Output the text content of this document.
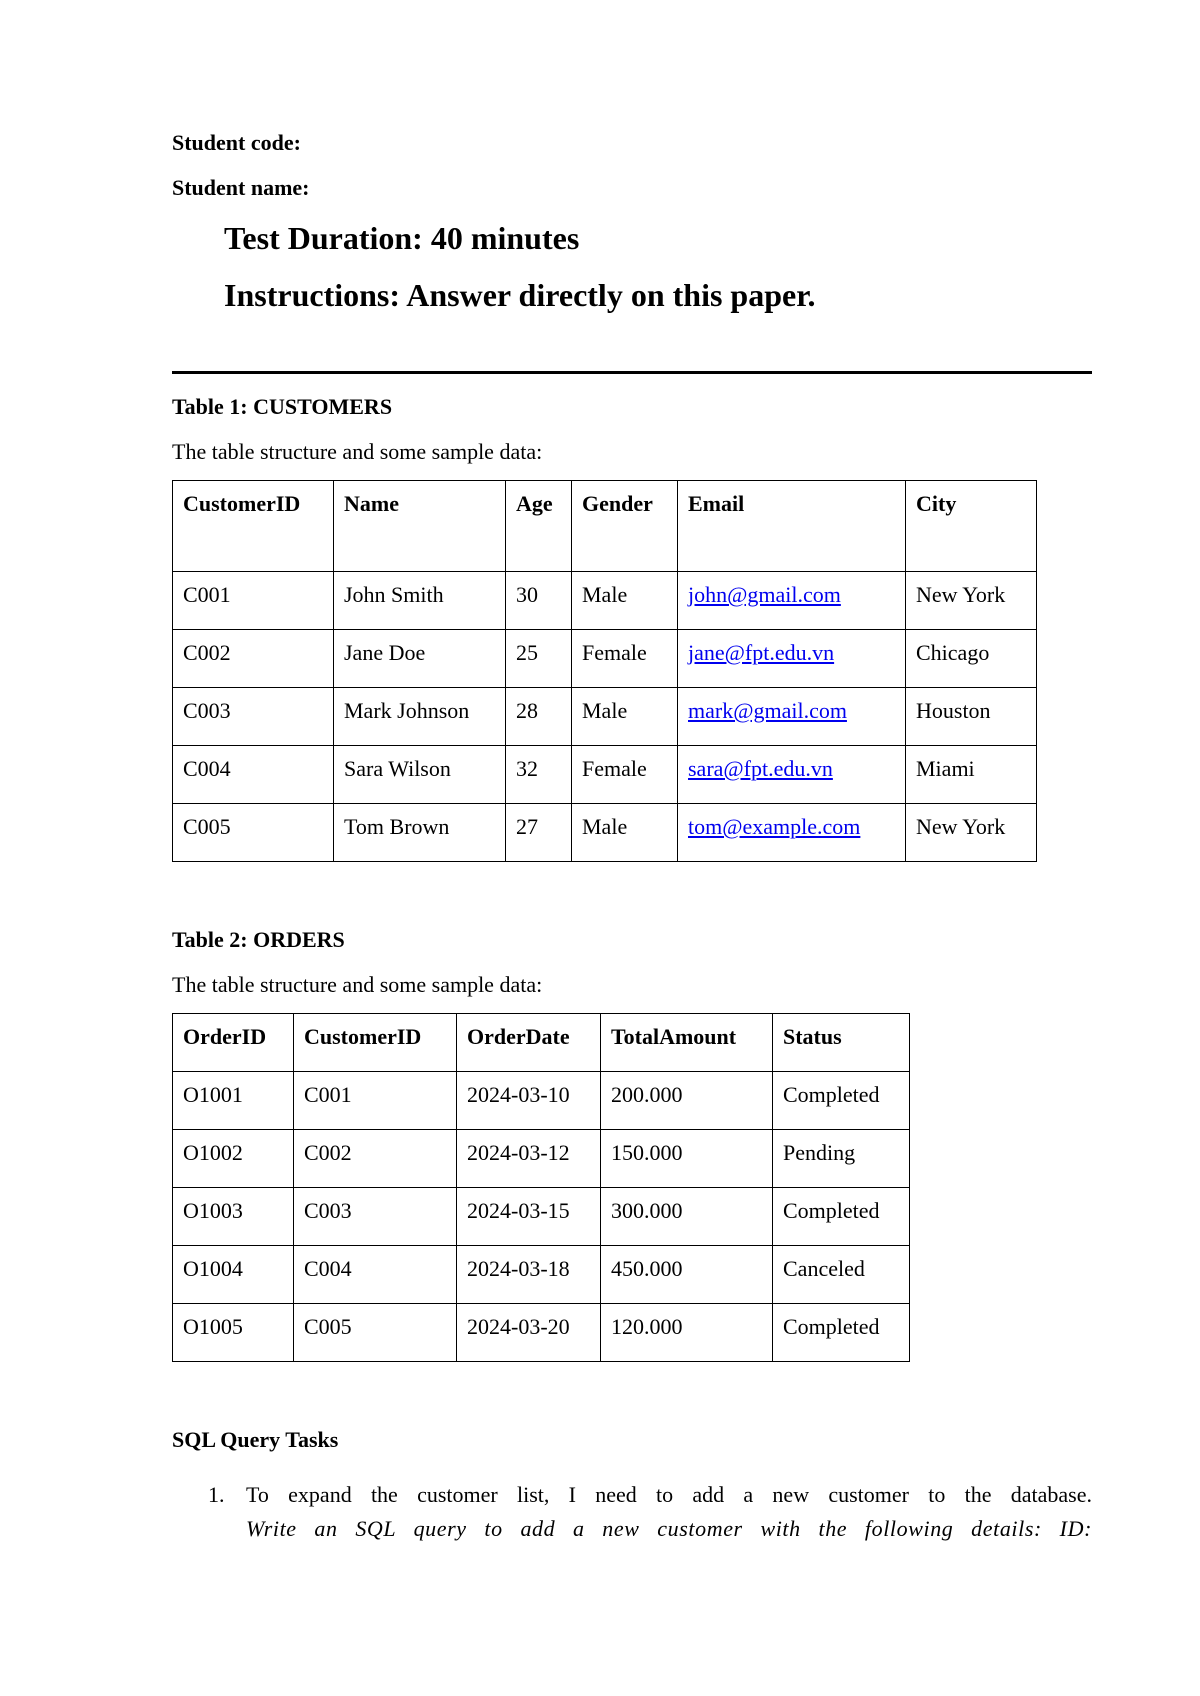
Student code:
Student name:
Test Duration: 40 minutes
Instructions: Answer directly on this paper.
Table 1: CUSTOMERS
The table structure and some sample data:
CustomerID	Name	Age	Gender	Email	City
C001	John Smith	30	Male	john@gmail.com	New York
C002	Jane Doe	25	Female	jane@fpt.edu.vn	Chicago
C003	Mark Johnson	28	Male	mark@gmail.com	Houston
C004	Sara Wilson	32	Female	sara@fpt.edu.vn	Miami
C005	Tom Brown	27	Male	tom@example.com	New York
Table 2: ORDERS
The table structure and some sample data:
OrderID	CustomerID	OrderDate	TotalAmount	Status
O1001	C001	2024-03-10	200.000	Completed
O1002	C002	2024-03-12	150.000	Pending
O1003	C003	2024-03-15	300.000	Completed
O1004	C004	2024-03-18	450.000	Canceled
O1005	C005	2024-03-20	120.000	Completed
SQL Query Tasks
1. To expand the customer list, I need to add a new customer to the database.
Write an SQL query to add a new customer with the following details: ID:
